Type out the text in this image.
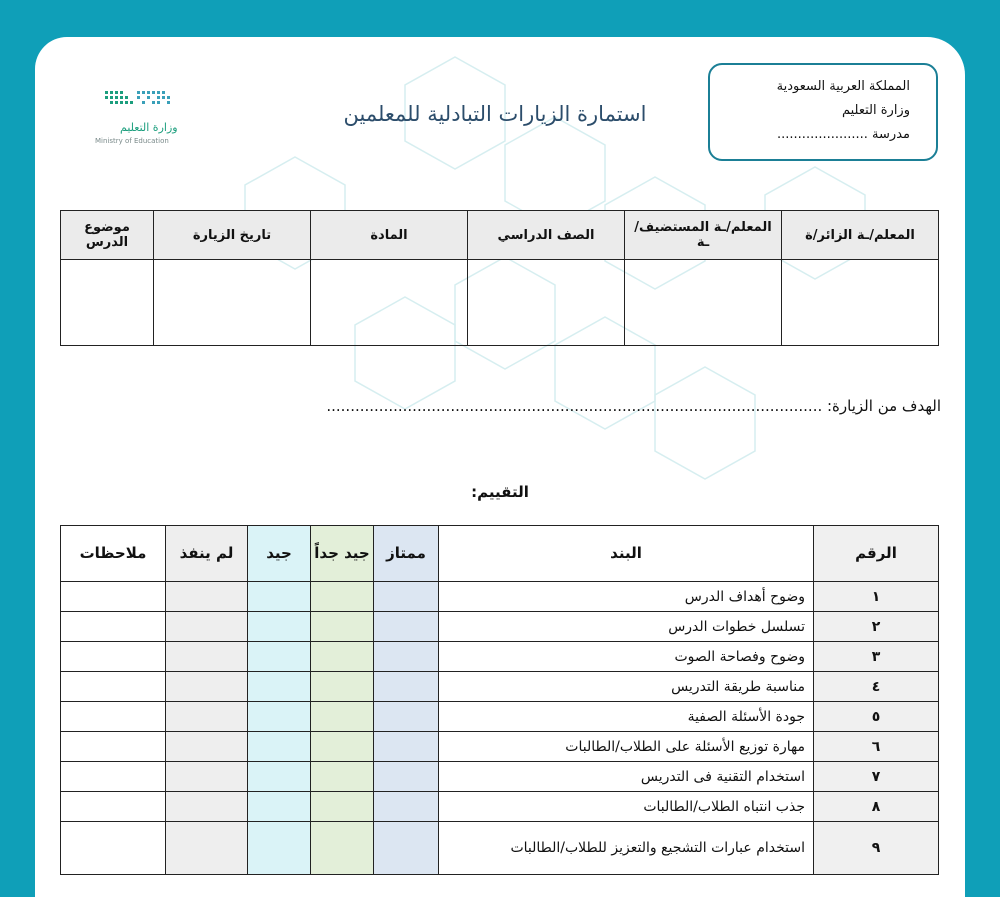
المملكة العربية السعودية
وزارة التعليم
مدرسة ......................
استمارة الزيارات التبادلية للمعلمين
وزارة التعليم
Ministry of Education
المعلم/ـة الزائر/ة	المعلم/ـة المستضيف/ـة	الصف الدراسي	المادة	تاريخ الزيارة	موضوع الدرس

الهدف من الزيارة: ........................................................................................................
التقييم:
الرقم	البند	ممتاز	جيد جداً	جيد	لم ينفذ	ملاحظات
١	وضوح أهداف الدرس					
٢	تسلسل خطوات الدرس					
٣	وضوح وفصاحة الصوت					
٤	مناسبة طريقة التدريس					
٥	جودة الأسئلة الصفية					
٦	مهارة توزيع الأسئلة على الطلاب/الطالبات					
٧	استخدام التقنية فى التدريس					
٨	جذب انتباه الطلاب/الطالبات					
٩	استخدام عبارات التشجيع والتعزيز للطلاب/الطالبات					
